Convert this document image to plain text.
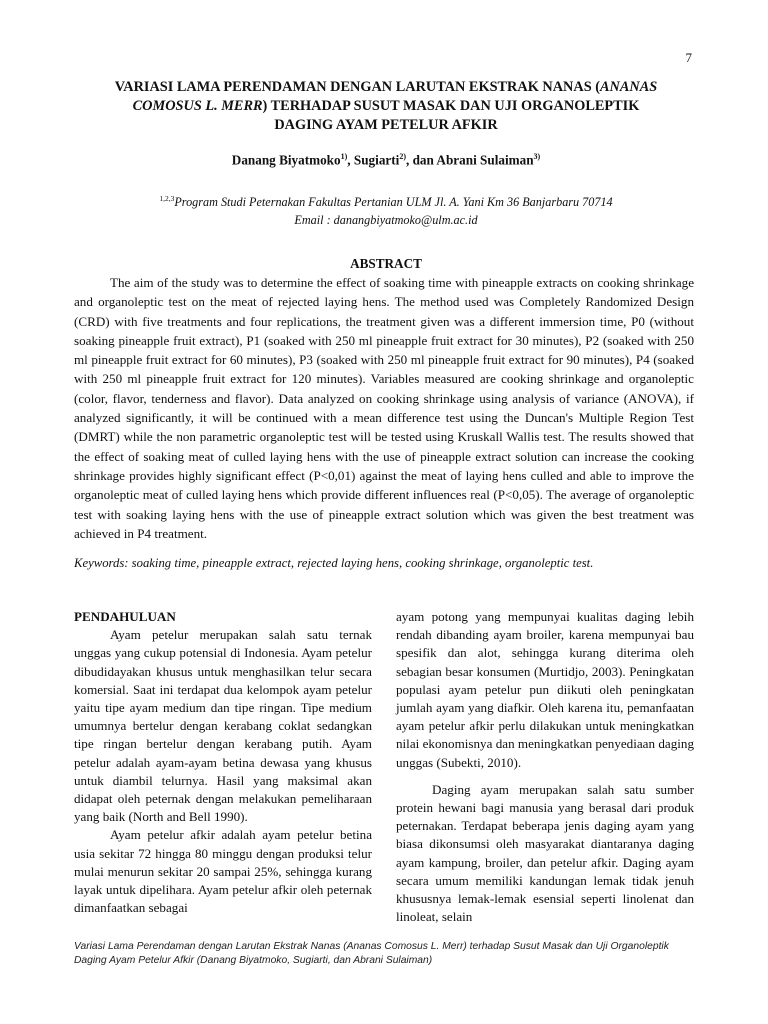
7

VARIASI LAMA PERENDAMAN DENGAN LARUTAN EKSTRAK NANAS (ANANAS

COMOSUS L. MERR) TERHADAP SUSUT MASAK DAN UJI ORGANOLEPTIK

DAGING AYAM PETELUR AFKIR

Danang Biyatmoko$^{1)}$, Sugiarti$^{2)}$, dan Abrani Sulaiman$^{3)}$
$^{1,2,3}$Program Studi Peternakan Fakultas Pertanian ULM Jl. A. Yani Km 36 Banjarbaru 70714
Email : danangbiyatmoko@ulm.ac.id
ABSTRACT

The aim of the study was to determine the effect of soaking time with pineapple extracts on cooking shrinkage and organoleptic test on the meat of rejected laying hens. The method used was Completely Randomized Design (CRD) with five treatments and four replications, the treatment given was a different immersion time, P0 (without soaking pineapple fruit extract), P1 (soaked with 250 ml pineapple fruit extract for 30 minutes), P2 (soaked with 250 ml pineapple fruit extract for 60 minutes), P3 (soaked with 250 ml pineapple fruit extract for 90 minutes), P4 (soaked with 250 ml pineapple fruit extract for 120 minutes). Variables measured are cooking shrinkage and organoleptic (color, flavor, tenderness and flavor). Data analyzed on cooking shrinkage using analysis of variance (ANOVA), if analyzed significantly, it will be continued with a mean difference test using the Duncan's Multiple Region Test (DMRT) while the non parametric organoleptic test will be tested using Kruskall Wallis test. The results showed that the effect of soaking meat of culled laying hens with the use of pineapple extract solution can increase the cooking shrinkage provides highly significant effect (P<0,01) against the meat of laying hens culled and able to improve the organoleptic meat of culled laying hens which provide different influences real (P<0,05). The average of organoleptic test with soaking laying hens with the use of pineapple extract solution which was given the best treatment was achieved in P4 treatment.

Keywords: soaking time, pineapple extract, rejected laying hens, cooking shrinkage, organoleptic test.

PENDAHULUAN

Ayam petelur merupakan salah satu ternak unggas yang cukup potensial di Indonesia. Ayam petelur dibudidayakan khusus untuk menghasilkan telur secara komersial. Saat ini terdapat dua kelompok ayam petelur yaitu tipe ayam medium dan tipe ringan. Tipe medium umumnya bertelur dengan kerabang coklat sedangkan tipe ringan bertelur dengan kerabang putih. Ayam petelur adalah ayam-ayam betina dewasa yang khusus untuk diambil telurnya. Hasil yang maksimal akan didapat oleh peternak dengan melakukan pemeliharaan yang baik (North and Bell 1990).

Ayam petelur afkir adalah ayam petelur betina usia sekitar 72 hingga 80 minggu dengan produksi telur mulai menurun sekitar 20 sampai 25%, sehingga kurang layak untuk dipelihara. Ayam petelur afkir oleh peternak dimanfaatkan sebagai

ayam potong yang mempunyai kualitas daging lebih rendah dibanding ayam broiler, karena mempunyai bau spesifik dan alot, sehingga kurang diterima oleh sebagian besar konsumen (Murtidjo, 2003). Peningkatan populasi ayam petelur pun diikuti oleh peningkatan jumlah ayam yang diafkir. Oleh karena itu, pemanfaatan ayam petelur afkir perlu dilakukan untuk meningkatkan nilai ekonomisnya dan meningkatkan penyediaan daging unggas (Subekti, 2010).

Daging ayam merupakan salah satu sumber protein hewani bagi manusia yang berasal dari produk peternakan. Terdapat beberapa jenis daging ayam yang biasa dikonsumsi oleh masyarakat diantaranya daging ayam kampung, broiler, dan petelur afkir. Daging ayam secara umum memiliki kandungan lemak tidak jenuh khususnya lemak-lemak esensial seperti linolenat dan linoleat, selain

Variasi Lama Perendaman dengan Larutan Ekstrak Nanas (Ananas Comosus L. Merr) terhadap Susut Masak dan Uji Organoleptik
Daging Ayam Petelur Afkir (Danang Biyatmoko, Sugiarti, dan Abrani Sulaiman)
